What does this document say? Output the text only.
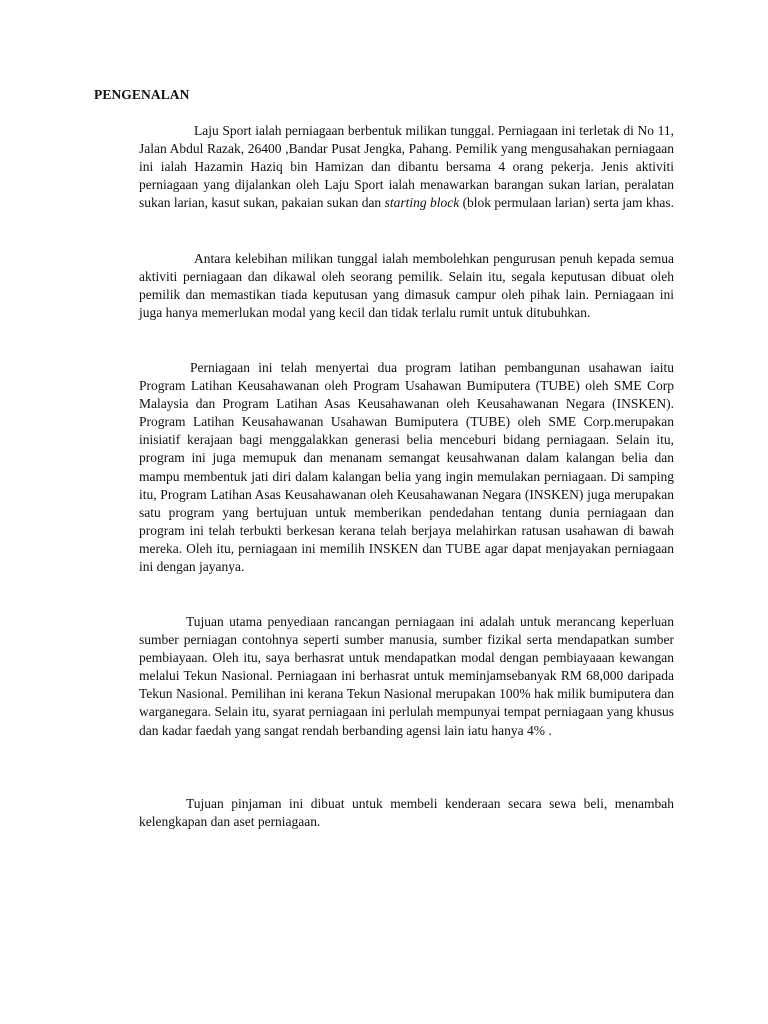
PENGENALAN

Laju Sport ialah perniagaan berbentuk milikan tunggal. Perniagaan ini terletak di No 11, Jalan Abdul Razak, 26400 ,Bandar Pusat Jengka, Pahang. Pemilik yang mengusahakan perniagaan ini ialah Hazamin Haziq bin Hamizan dan dibantu bersama 4 orang pekerja. Jenis aktiviti perniagaan yang dijalankan oleh Laju Sport ialah menawarkan barangan sukan larian, peralatan sukan larian, kasut sukan, pakaian sukan dan starting block (blok permulaan larian) serta jam khas.

Antara kelebihan milikan tunggal ialah membolehkan pengurusan penuh kepada semua aktiviti perniagaan dan dikawal oleh seorang pemilik. Selain itu, segala keputusan dibuat oleh pemilik dan memastikan tiada keputusan yang dimasuk campur oleh pihak lain. Perniagaan ini juga hanya memerlukan modal yang kecil dan tidak terlalu rumit untuk ditubuhkan.

Perniagaan ini telah menyertai dua program latihan pembangunan usahawan iaitu Program Latihan Keusahawanan oleh Program Usahawan Bumiputera (TUBE) oleh SME Corp Malaysia dan Program Latihan Asas Keusahawanan oleh Keusahawanan Negara (INSKEN). Program Latihan Keusahawanan Usahawan Bumiputera (TUBE) oleh SME Corp.merupakan inisiatif kerajaan bagi menggalakkan generasi belia menceburi bidang perniagaan. Selain itu, program ini juga memupuk dan menanam semangat keusahwanan dalam kalangan belia dan mampu membentuk jati diri dalam kalangan belia yang ingin memulakan perniagaan. Di samping itu, Program Latihan Asas Keusahawanan oleh Keusahawanan Negara (INSKEN) juga merupakan satu program yang bertujuan untuk memberikan pendedahan tentang dunia perniagaan dan program ini telah terbukti berkesan kerana telah berjaya melahirkan ratusan usahawan di bawah mereka. Oleh itu, perniagaan ini memilih INSKEN dan TUBE agar dapat menjayakan perniagaan ini dengan jayanya.

Tujuan utama penyediaan rancangan perniagaan ini adalah untuk merancang keperluan sumber perniagan contohnya seperti sumber manusia, sumber fizikal serta mendapatkan sumber pembiayaan. Oleh itu, saya berhasrat untuk mendapatkan modal dengan pembiayaaan kewangan melalui Tekun Nasional. Perniagaan ini berhasrat untuk meminjamsebanyak RM 68,000 daripada Tekun Nasional. Pemilihan ini kerana Tekun Nasional merupakan 100% hak milik bumiputera dan warganegara. Selain itu, syarat perniagaan ini perlulah mempunyai tempat perniagaan yang khusus dan kadar faedah yang sangat rendah berbanding agensi lain iatu hanya 4% .

Tujuan pinjaman ini dibuat untuk membeli kenderaan secara sewa beli, menambah kelengkapan dan aset perniagaan.
